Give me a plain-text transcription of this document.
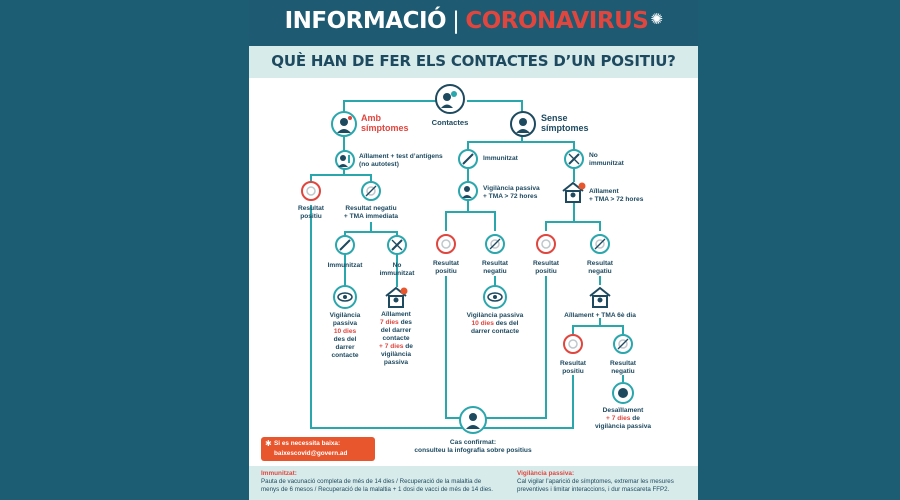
INFORMACIÓ | CORONAVIRUS ✺
QUÈ HAN DE FER ELS CONTACTES D’UN POSITIU?
Contactes
Amb
símptomes
Sense
símptomes
Aïllament + test d’antígens
(no autotest)
Resultat
positiu
Resultat negatiu
+ TMA immediata
Immunitzat	No
immunitzat
Vigilància
passiva
10 dies
des del
darrer
contacte
Aïllament
7 dies des
del darrer
contacte
+ 7 dies de
vigilància
passiva
Immunitzat	No
immunitzat
Vigilància passiva
+ TMA > 72 hores
Aïllament
+ TMA > 72 hores
Resultat
positiu
Resultat
negatiu
Resultat
positiu
Resultat
negatiu
Vigilància passiva
10 dies des del
darrer contacte
Aïllament + TMA 6è dia
Resultat
positiu
Resultat
negatiu
Desaïllament
+ 7 dies de
vigilància passiva
Cas confirmat:
consulteu la infografia sobre positius
✱ Si es necessita baixa:
baixescovid@govern.ad
Immunitzat:
Pauta de vacunació completa de més de 14 dies / Recuperació de la malaltia de
menys de 6 mesos / Recuperació de la malaltia + 1 dosi de vacci de més de 14 dies.
Vigilància passiva:
Cal vigilar l’aparició de símptomes, extremar les mesures
preventives i limitar interaccions, i dur mascareta FFP2.
